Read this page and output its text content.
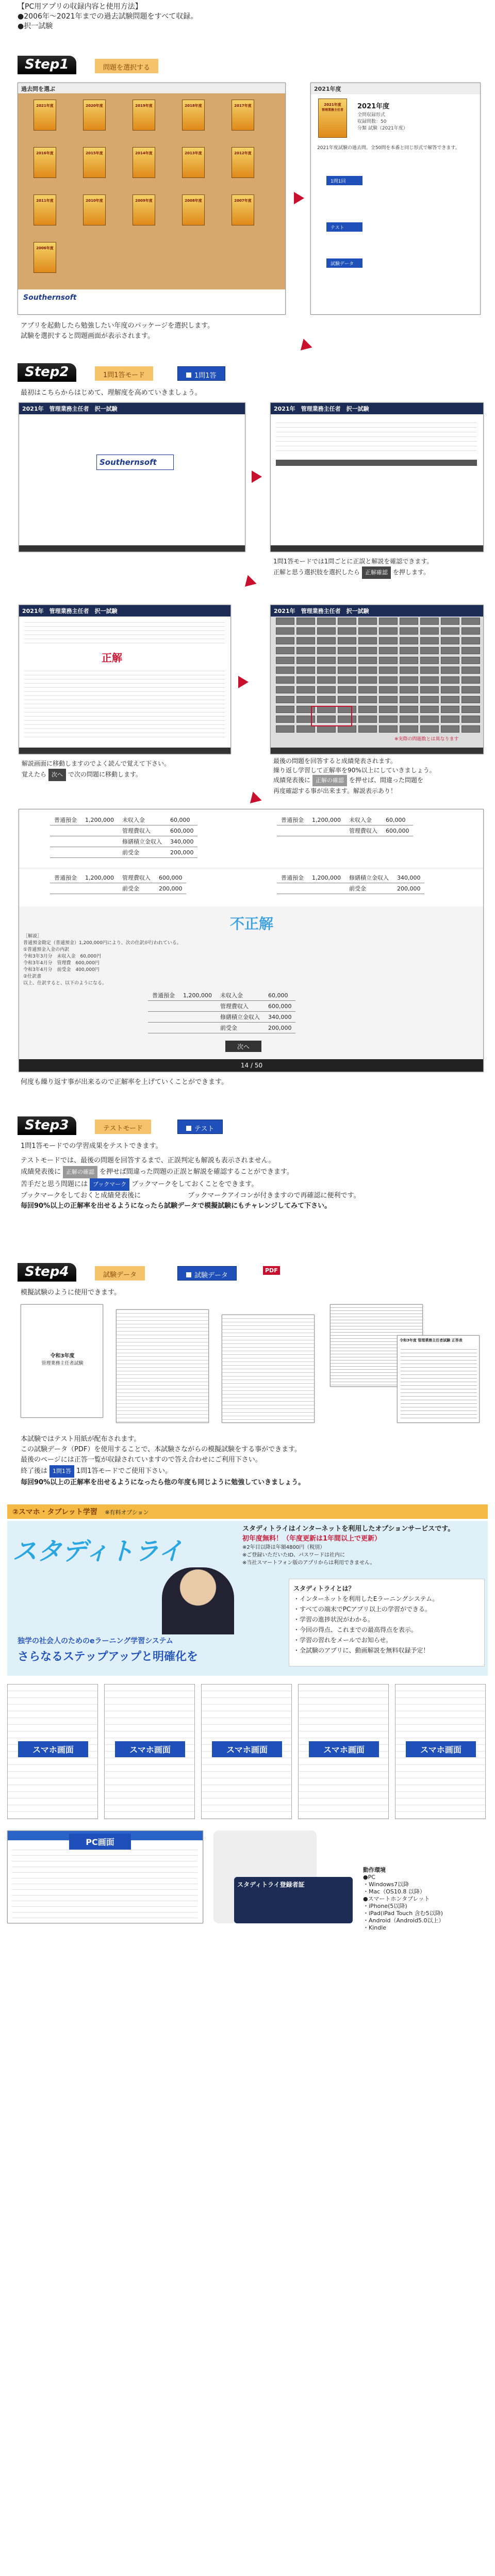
【PC用アプリの収録内容と使用方法】
●2006年～2021年までの過去試験問題をすべて収録。
●択一試験
Step1	問題を選択する
過去問を選ぶ
2021年度	2020年度	2019年度	2018年度	2017年度
2016年度	2015年度	2014年度	2013年度	2012年度
2011年度	2010年度	2009年度	2008年度	2007年度
2006年度
Southernsoft
2021年度
2021年度
管理業務主任者	2021年度
全問収録形式
収録問数：50
分類 試験（2021年度）
2021年度試験の過去問。全50問を本番と同じ形式で解答できます。
1問1回
テスト
試験データ
アプリを起動したら勉強したい年度のパッケージを選択します。
試験を選択すると問題画面が表示されます。
Step2	1問1答モード	1問1答
最初はこちらからはじめて、理解度を高めていきましょう。
2021年　管理業務主任者　択一試験
Southernsoft
2021年　管理業務主任者　択一試験
1問1答モードでは1問ごとに正誤と解説を確認できます。
正解と思う選択肢を選択したら 正解確認 を押します。
2021年　管理業務主任者　択一試験
正解
2021年　管理業務主任者　択一試験
※実際の問題数とは異なります
解説画面に移動しますのでよく読んで覚えて下さい。
覚えたら 次へ で次の問題に移動します。
最後の問題を回答すると成績発表されます。
繰り返し学習して正解率を90%以上にしていきましょう。
成績発表後に 正解の確認 を押せば、間違った問題を
再度確認する事が出来ます。解説表示あり！
普通預金	1,200,000	未収入金	60,000
		管理費収入	600,000
		修繕積立金収入	340,000
		前受金	200,000
普通預金	1,200,000	未収入金	60,000
		管理費収入	600,000
普通預金	1,200,000	管理費収入	600,000
		前受金	200,000
普通預金	1,200,000	修繕積立金収入	340,000
		前受金	200,000
不正解
［解説］
普通預金勘定（普通預金）1,200,000円により、次の仕訳が行われている。
①普通預金入金の内訳
令和3年3月分　未収入金　60,000円
令和3年4月分　管理費　600,000円
令和3年4月分　前受金　400,000円
②仕訳書
以上、仕訳すると、以下のようになる。
普通預金	1,200,000	未収入金	60,000
		管理費収入	600,000
		修繕積立金収入	340,000
		前受金	200,000
次へ
14 / 50
何度も繰り返す事が出来るので正解率を上げていくことができます。
Step3	テストモード	テスト
1問1答モードでの学習成果をテストできます。
テストモードでは、最後の問題を回答するまで、正誤判定も解説も表示されません。
成績発表後に 正解の確認 を押せば間違った問題の正誤と解説を確認することができます。
苦手だと思う問題には ブックマーク ブックマークをしておくことをできます。
ブックマークをしておくと成績発表後に　　　　　　　ブックマークアイコンが付きますので再確認に便利です。
毎回90%以上の正解率を出せるようになったら試験データで模擬試験にもチャレンジしてみて下さい。
Step4	試験データ	試験データ
PDF
模擬試験のように使用できます。
令和3年度
管理業務主任者試験
令和3年度 管理業務主任者試験 正答表
本試験ではテスト用紙が配布されます。
この試験データ（PDF）を使用することで、本試験さながらの模擬試験をする事ができます。
最後のページには正答一覧が収録されていますので答え合わせにご利用下さい。
終了後は 1問1答 1問1答モードでご使用下さい。
毎回90%以上の正解率を出せるようになったら他の年度も同じように勉強していきましょう。
②スマホ・タブレット学習 ※有料オプション
スタディトライ
独学の社会人のためのeラーニング学習システム
さらなるステップアップと明確化を
スタディトライはインターネットを利用したオプションサービスです。
初年度無料！（年度更新は1年間以上で更新）
※2年目以降は年額4800円（税別）
※ご登録いただいたID、パスワードは社内に
※当社スマートフォン版のアプリからは利用できません。
スタディトライとは？
・インターネットを利用したEラーニングシステム。
・すべての端末でPCアプリ以上の学習ができる。
・学習の進捗状況がわかる。
・今回の得点、これまでの最高得点を表示。
・学習の習れをメールでお知らせ。
・全試験のアプリに、動画解説を無料収録予定！
スマホ画面	スマホ画面	スマホ画面	スマホ画面	スマホ画面
PC画面
スタディトライ登録者証
動作環境
●PC
・Windows7以降
・Mac（OS10.8 以降）
●スマートホンタブレット
・iPhone(5以降)
・iPad(iPad Touch 含む5以降)
・Android（Android5.0以上）
・Kindle
